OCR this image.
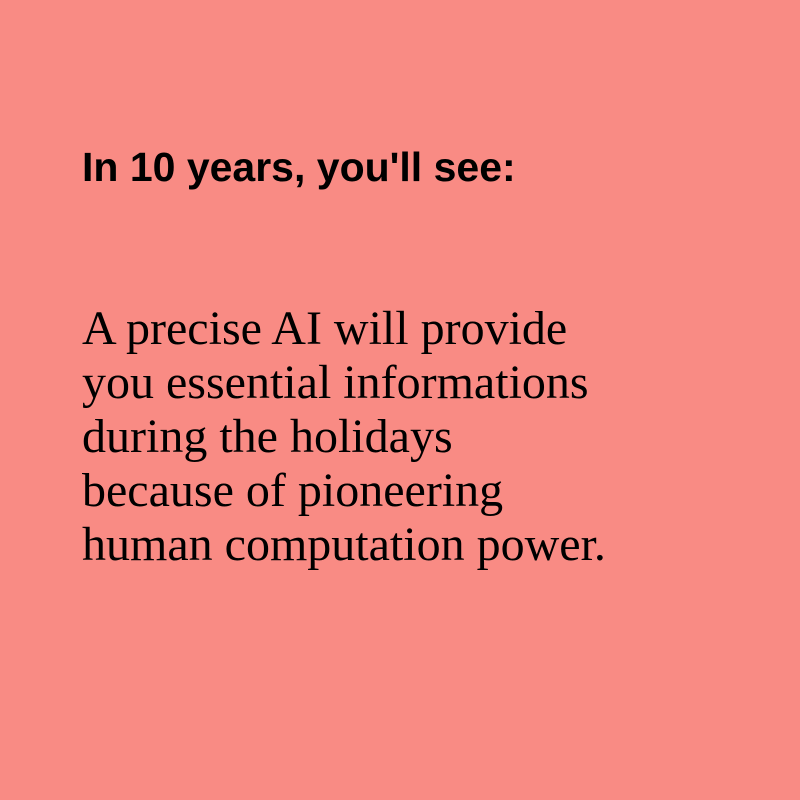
In 10 years, you'll see:

A precise AI will provide
you essential informations
during the holidays
because of pioneering
human computation power.
